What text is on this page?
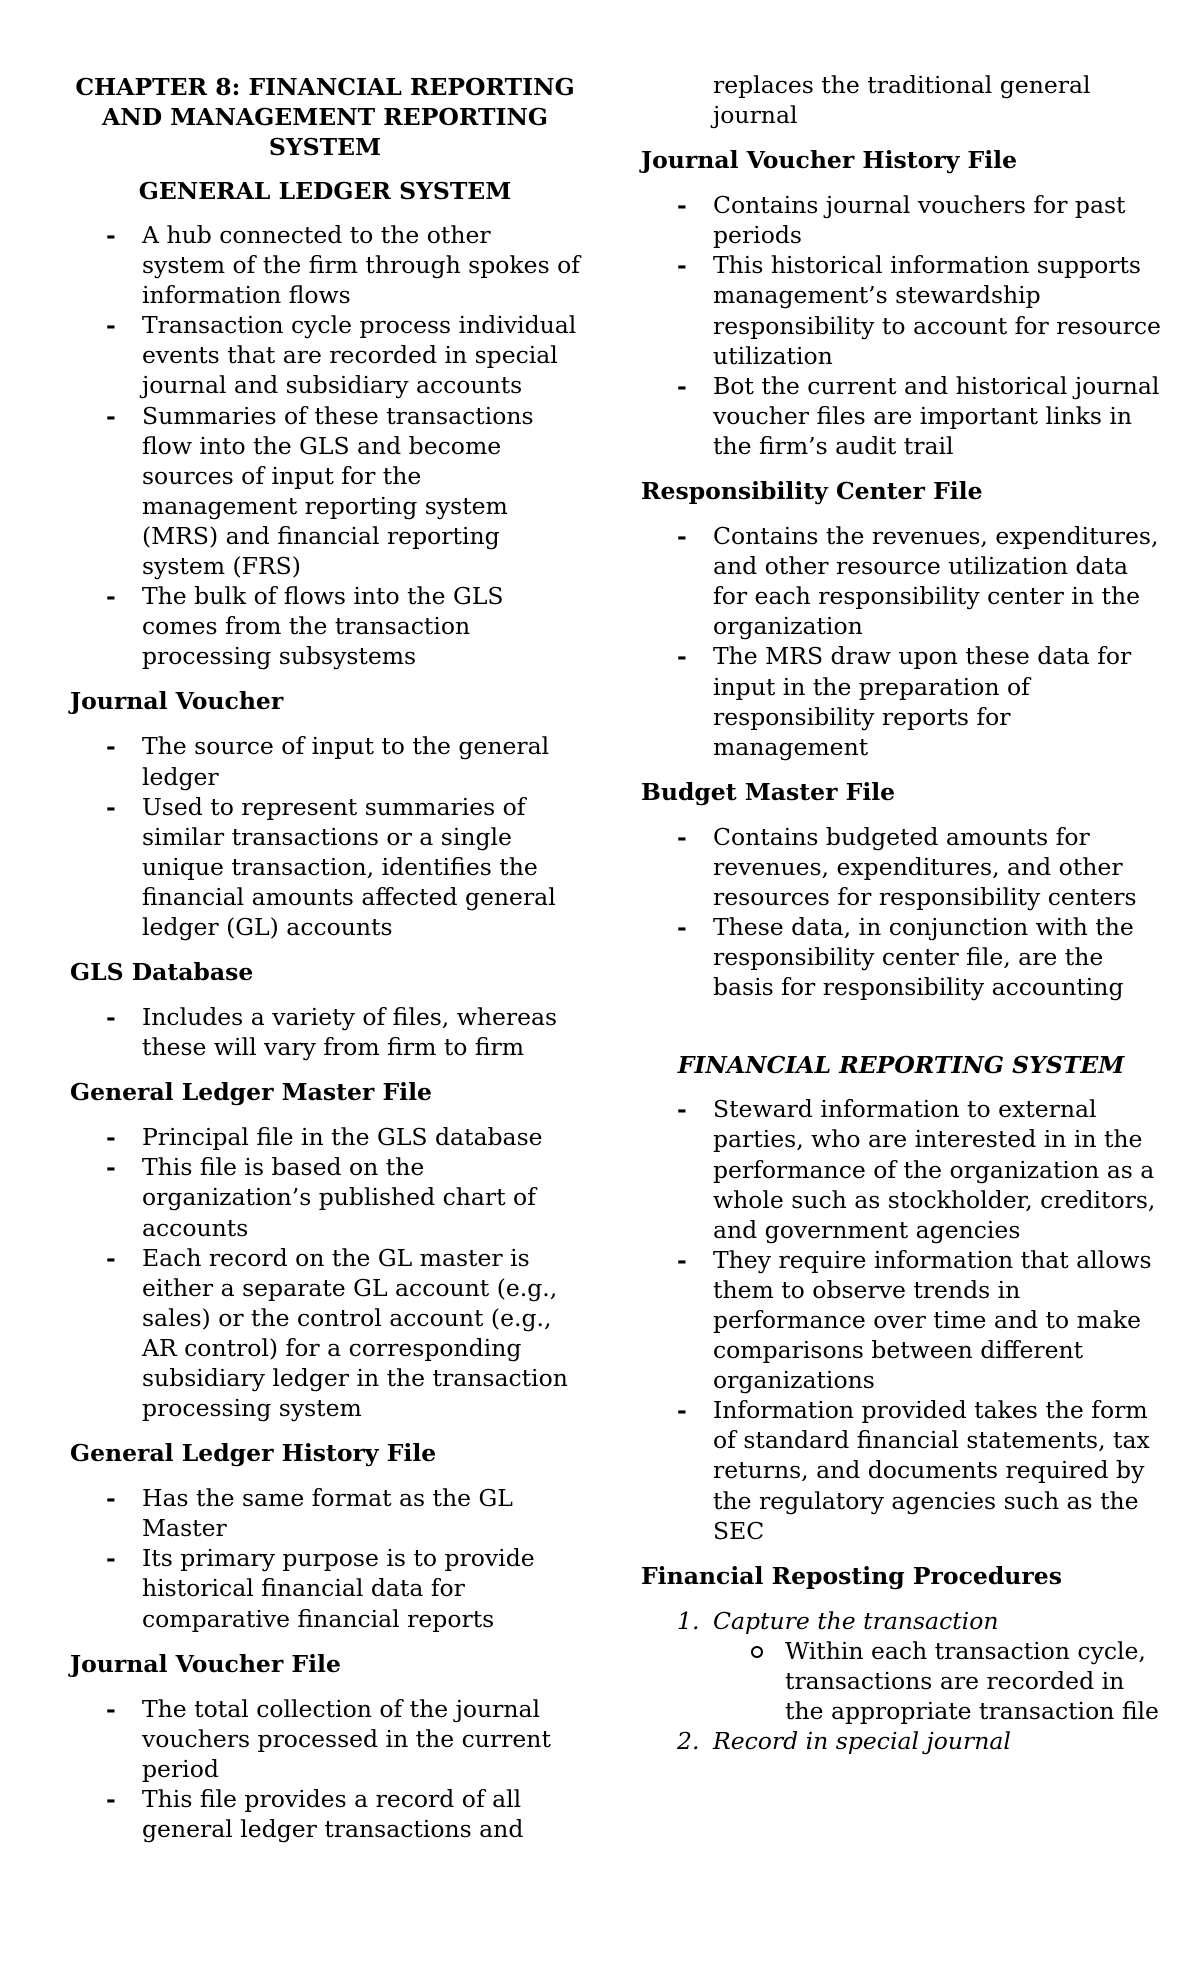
CHAPTER 8: FINANCIAL REPORTING AND MANAGEMENT REPORTING SYSTEM
GENERAL LEDGER SYSTEM
- A hub connected to the other system of the firm through spokes of information flows
- Transaction cycle process individual events that are recorded in special journal and subsidiary accounts
- Summaries of these transactions flow into the GLS and become sources of input for the management reporting system (MRS) and financial reporting system (FRS)
- The bulk of flows into the GLS comes from the transaction processing subsystems
Journal Voucher
- The source of input to the general ledger
- Used to represent summaries of similar transactions or a single unique transaction, identifies the financial amounts affected general ledger (GL) accounts
GLS Database
- Includes a variety of files, whereas these will vary from firm to firm
General Ledger Master File
- Principal file in the GLS database
- This file is based on the organization’s published chart of accounts
- Each record on the GL master is either a separate GL account (e.g., sales) or the control account (e.g., AR control) for a corresponding subsidiary ledger in the transaction processing system
General Ledger History File
- Has the same format as the GL Master
- Its primary purpose is to provide historical financial data for comparative financial reports
Journal Voucher File
- The total collection of the journal vouchers processed in the current period
- This file provides a record of all general ledger transactions and
replaces the traditional general journal
Journal Voucher History File
- Contains journal vouchers for past periods
- This historical information supports management’s stewardship responsibility to account for resource utilization
- Bot the current and historical journal voucher files are important links in the firm’s audit trail
Responsibility Center File
- Contains the revenues, expenditures, and other resource utilization data for each responsibility center in the organization
- The MRS draw upon these data for input in the preparation of responsibility reports for management
Budget Master File
- Contains budgeted amounts for revenues, expenditures, and other resources for responsibility centers
- These data, in conjunction with the responsibility center file, are the basis for responsibility accounting
FINANCIAL REPORTING SYSTEM
- Steward information to external parties, who are interested in in the performance of the organization as a whole such as stockholder, creditors, and government agencies
- They require information that allows them to observe trends in performance over time and to make comparisons between different organizations
- Information provided takes the form of standard financial statements, tax returns, and documents required by the regulatory agencies such as the SEC
Financial Reposting Procedures
1. Capture the transaction
Within each transaction cycle, transactions are recorded in the appropriate transaction file
2. Record in special journal
